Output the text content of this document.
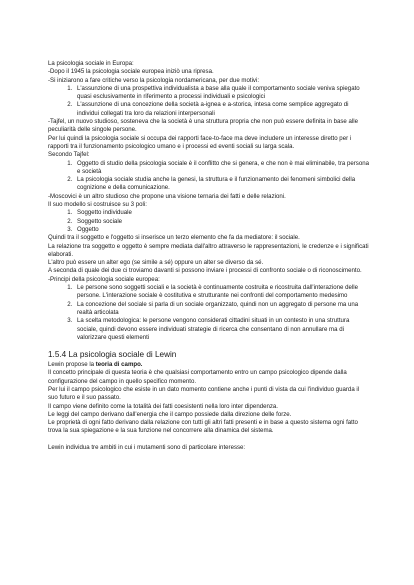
La psicologia sociale in Europa:

-Dopo il 1945 la psicologia sociale europea iniziò una ripresa.

-Si iniziarono a fare critiche verso la psicologia nordamericana, per due motivi:

1. L'assunzione di una prospettiva individualista a base alla quale il comportamento sociale veniva spiegato quasi esclusivamente in riferimento a processi individuali e psicologici
2. L'assunzione di una concezione della società a-ignea e a-storica, intesa come semplice aggregato di individui collegati tra loro da relazioni interpersonali

-Tajfel, un nuovo studioso, sosteneva che la società è una struttura propria che non può essere definita in base alle peculiarità delle singole persone.

Per lui quindi la psicologia sociale si occupa dei rapporti face-to-face ma deve includere un interesse diretto per i rapporti tra il funzionamento psicologico umano e i processi ed eventi sociali su larga scala.

Secondo Tajfel:

1. Oggetto di studio della psicologia sociale è il conflitto che si genera, e che non è mai eliminabile, tra persona e società
2. La psicologia sociale studia anche la genesi, la struttura e il funzionamento dei fenomeni simbolici della cognizione e della comunicazione.

-Moscovici è un altro studioso che propone una visione ternaria dei fatti e delle relazioni.

Il suo modello si costruisce su 3 poli:

1. Soggetto individuale
2. Soggetto sociale
3. Oggetto

Quindi tra il soggetto e l'oggetto si inserisce un terzo elemento che fa da mediatore: il sociale.

La relazione tra soggetto e oggetto è sempre mediata dall'altro attraverso le rappresentazioni, le credenze e i significati elaborati.

L'altro può essere un alter ego (se simile a sé) oppure un alter se diverso da sé.

A seconda di quale dei due ci troviamo davanti si possono inviare i processi di confronto sociale o di riconoscimento.

-Principi della psicologia sociale europea:

1. Le persone sono soggetti sociali e la società è continuamente costruita e ricostruita dall'interazione delle persone. L'interazione sociale è costitutiva e strutturante nei confronti del comportamento medesimo
2. La concezione del sociale si parla di un sociale organizzato, quindi non un aggregato di persone ma una realtà articolata
3. La scelta metodologica: le persone vengono considerati cittadini situati in un contesto in una struttura sociale, quindi devono essere individuati strategie di ricerca che consentano di non annullare ma di valorizzare questi elementi
1.5.4 La psicologia sociale di Lewin

Lewin propose la teoria di campo.

Il concetto principale di questa teoria è che qualsiasi comportamento entro un campo psicologico dipende dalla configurazione del campo in quello specifico momento.

Per lui il campo psicologico che esiste in un dato momento contiene anche i punti di vista da cui l'individuo guarda il suo futuro e il suo passato.

Il campo viene definito come la totalità dei fatti coesistenti nella loro inter dipendenza.

Le leggi del campo derivano dall'energia che il campo possiede dalla direzione delle forze.

Le proprietà di ogni fatto derivano dalla relazione con tutti gli altri fatti presenti e in base a questo sistema ogni fatto trova la sua spiegazione e la sua funzione nel concorrere alla dinamica del sistema.

Lewin individua tre ambiti in cui i mutamenti sono di particolare interesse:
